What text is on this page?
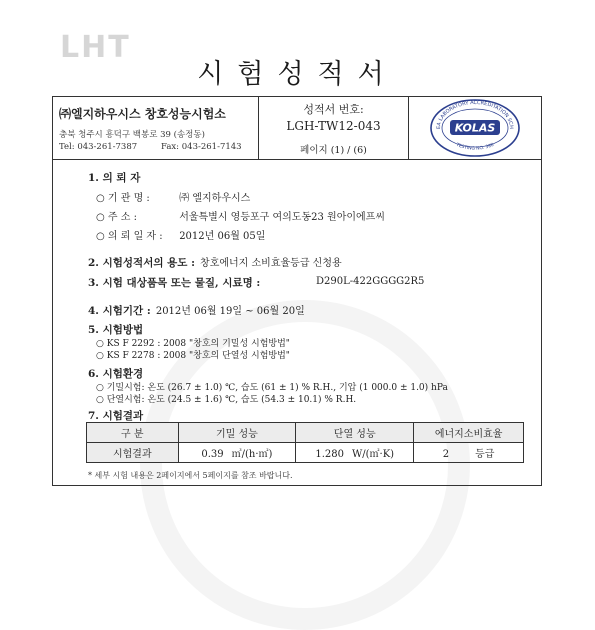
LHT
시험성적서
㈜엘지하우시스 창호성능시험소
충북 청주시 흥덕구 백봉로 39 (송정동)
Tel: 043-261-7387	Fax: 043-261-7143
성적서 번호:
LGH-TW12-043
페이지 (1) / (6)
EA LABORATORY ACCREDITATION SCH
KOLAS
TESTING NO. 388
1. 의 뢰 자
○ 기 관 명 :	㈜ 엘지하우시스
○ 주 소 :	서울특별시 영등포구 여의도동23 원아이에프씨
○ 의 뢰 일 자 : 2012년 06월 05일
2. 시험성적서의 용도 : 창호에너지 소비효율등급 신청용
3. 시험 대상품목 또는 물질, 시료명 :	D290L-422GGGG2R5
4. 시험기간 : 2012년 06월 19일 ~ 06월 20일
5. 시험방법
○ KS F 2292 : 2008 "창호의 기밀성 시험방법"
○ KS F 2278 : 2008 "창호의 단열성 시험방법"
6. 시험환경
○ 기밀시험: 온도 (26.7 ± 1.0) ℃, 습도 (61 ± 1) % R.H., 기압 (1 000.0 ± 1.0) hPa
○ 단열시험: 온도 (24.5 ± 1.6) ℃, 습도 (54.3 ± 10.1) % R.H.
7. 시험결과
구 분	기밀 성능	단열 성능	에너지소비효율
시험결과	0.39 ㎥/(h·㎡)	1.280 W/(㎡·K)	2 등급
* 세부 시험 내용은 2페이지에서 5페이지를 참조 바랍니다.
